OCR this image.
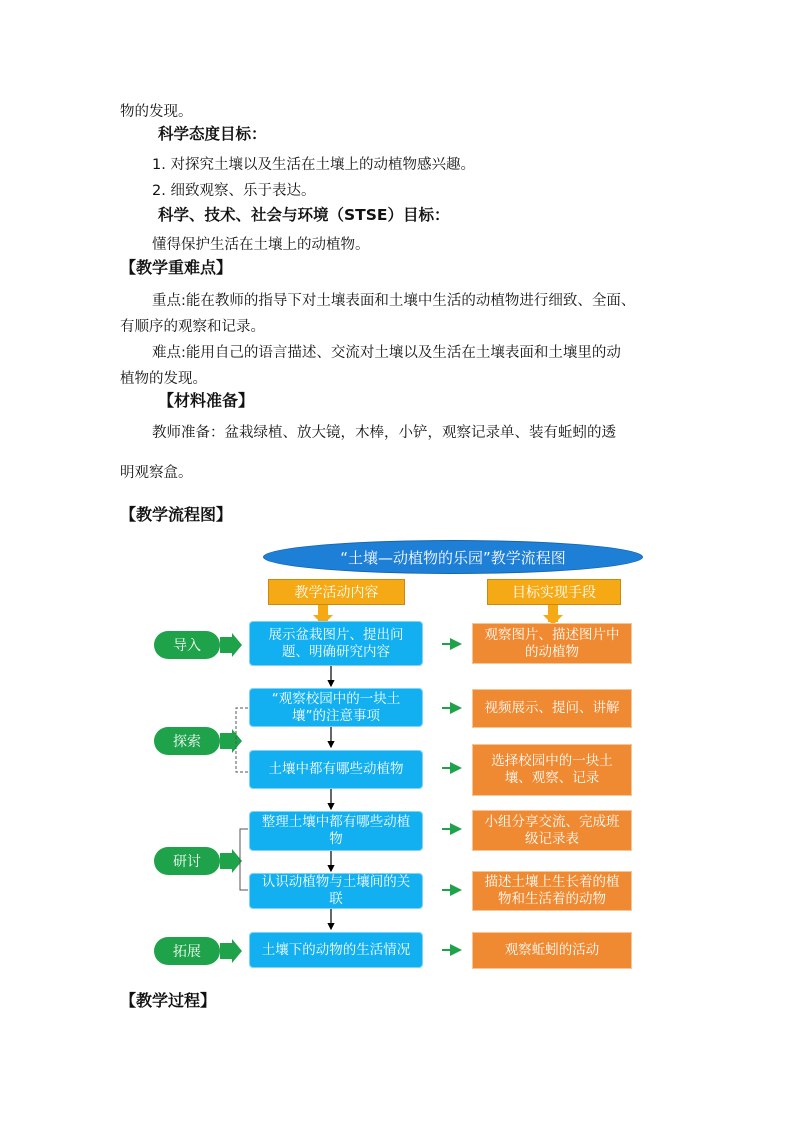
物的发现。
科学态度目标：
1. 对探究土壤以及生活在土壤上的动植物感兴趣。
2. 细致观察、乐于表达。
科学、技术、社会与环境（STSE）目标：
懂得保护生活在土壤上的动植物。
【教学重难点】
重点:能在教师的指导下对土壤表面和土壤中生活的动植物进行细致、全面、
有顺序的观察和记录。
难点:能用自己的语言描述、交流对土壤以及生活在土壤表面和土壤里的动
植物的发现。
【材料准备】
教师准备：盆栽绿植、放大镜，木棒，小铲，观察记录单、装有蚯蚓的透
明观察盒。
【教学流程图】
“土壤—动植物的乐园”教学流程图
教学活动内容	目标实现手段
导入
探索
研讨
拓展
展示盆栽图片、提出问题、明确研究内容
“观察校园中的一块土壤”的注意事项
土壤中都有哪些动植物
整理土壤中都有哪些动植物
认识动植物与土壤间的关联
土壤下的动物的生活情况
观察图片、描述图片中的动植物
视频展示、提问、讲解
选择校园中的一块土壤、观察、记录
小组分享交流、完成班级记录表
描述土壤上生长着的植物和生活着的动物
观察蚯蚓的活动
【教学过程】
